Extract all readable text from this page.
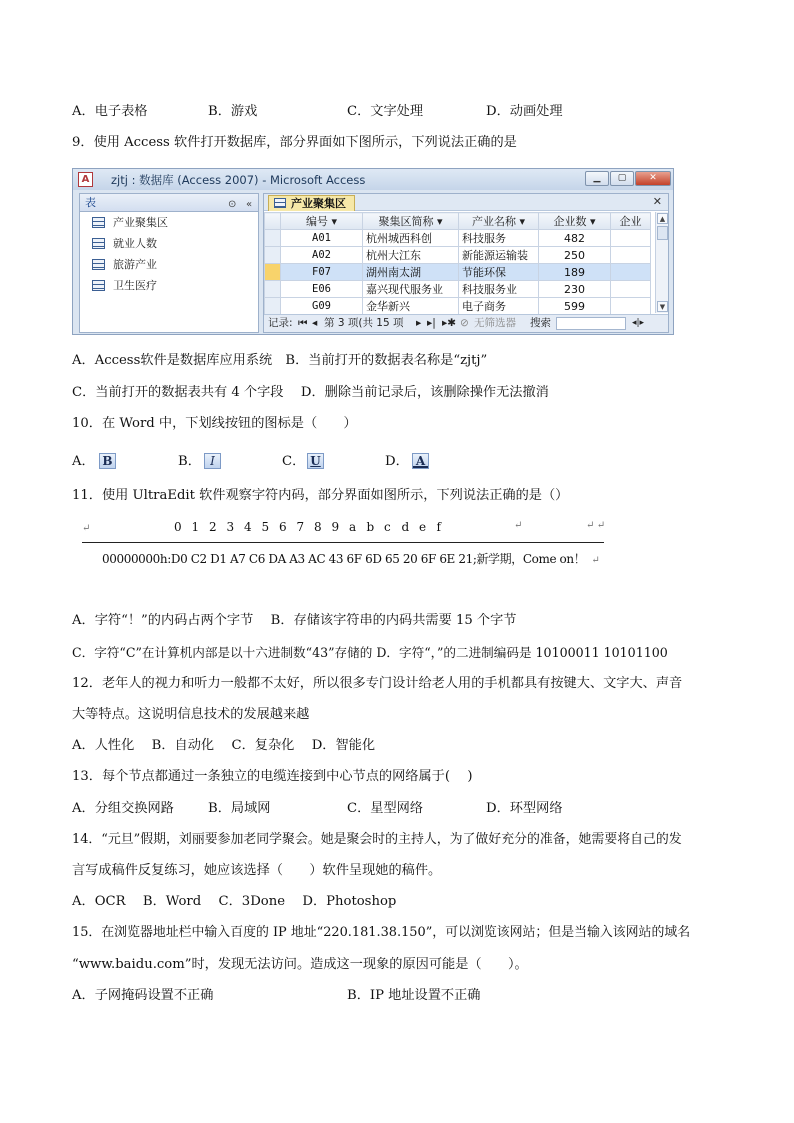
A．电子表格	B．游戏	C．文字处理	D．动画处理
9．使用 Access 软件打开数据库，部分界面如下图所示，下列说法正确的是
A	zjtj : 数据库 (Access 2007) - Microsoft Access	▁	▢	✕
表	⊙ «
产业聚集区
就业人数
旅游产业
卫生医疗
产业聚集区	✕
	编号 ▾	聚集区简称 ▾	产业名称 ▾	企业数 ▾	企业
	A01	杭州城西科创	科技服务	482	
	A02	杭州大江东	新能源运输装	250	
	F07	湖州南太湖	节能环保	189	
	E06	嘉兴现代服务业	科技服务业	230	
	G09	金华新兴	电子商务	599	
▲
▼
记录: ⏮ ◂ 第 3 项(共 15 项 ▸ ▸| ▸✱ ⊘ 无筛选器 搜索	◂|▸
A．Access软件是数据库应用系统　B．当前打开的数据表名称是“zjtj”
C．当前打开的数据表共有 4 个字段　 D．删除当前记录后，该删除操作无法撤消
10．在 Word 中，下划线按钮的图标是（　　）
A． B	B． I	C． U	D． A
11．使用 UltraEdit 软件观察字符内码，部分界面如图所示，下列说法正确的是（）
↵	0 1 2 3 4 5 6 7 8 9 a b c d e f	↵	↵ ↵
00000000h:D0 C2 D1 A7 C6 DA A3 AC 43 6F 6D 65 20 6F 6E 21;新学期，Come on！ ↵
A．字符“！”的内码占两个字节　 B．存储该字符串的内码共需要 15 个字节
C．字符“C”在计算机内部是以十六进制数“43”存储的 D．字符“，”的二进制编码是 10100011 10101100
12．老年人的视力和听力一般都不太好，所以很多专门设计给老人用的手机都具有按键大、文字大、声音
大等特点。这说明信息技术的发展越来越
A．人性化　 B．自动化　 C．复杂化　 D．智能化
13．每个节点都通过一条独立的电缆连接到中心节点的网络属于(　 )
A．分组交换网路	B．局域网	C．星型网络	D．环型网络
14．“元旦”假期，刘丽要参加老同学聚会。她是聚会时的主持人，为了做好充分的准备，她需要将自己的发
言写成稿件反复练习，她应该选择（　　）软件呈现她的稿件。
A．OCR　 B．Word　 C．3Done　 D．Photoshop
15．在浏览器地址栏中输入百度的 IP 地址“220.181.38.150”，可以浏览该网站；但是当输入该网站的域名
“www.baidu.com”时，发现无法访问。造成这一现象的原因可能是（　　）。
A．子网掩码设置不正确	B．IP 地址设置不正确
